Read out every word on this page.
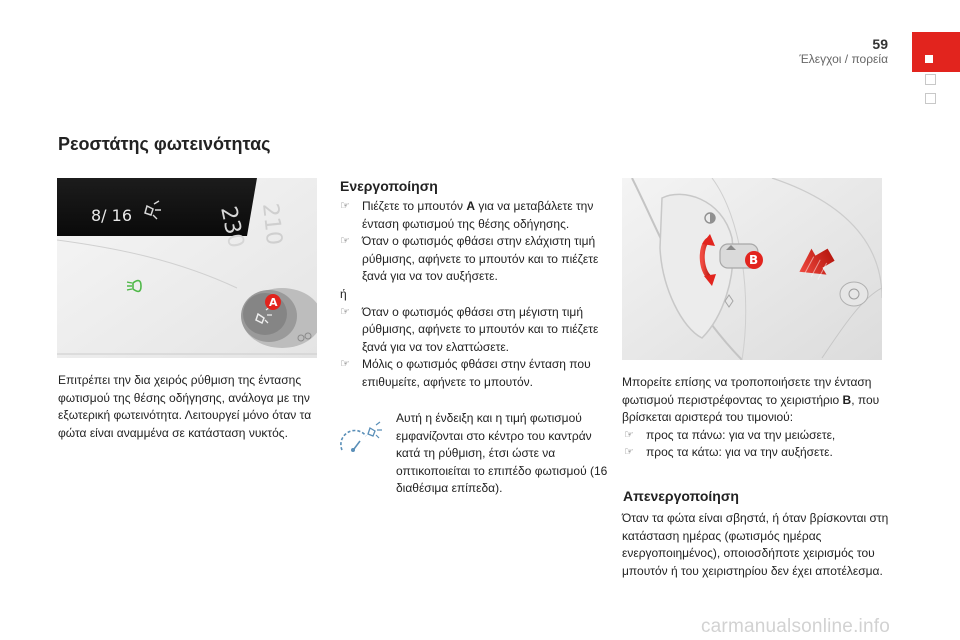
59
Έλεγχοι / πορεία
Ρεοστάτης φωτεινότητας
8/ 16	210
230
A
Επιτρέπει την δια χειρός ρύθμιση της έντασης φωτισμού της θέσης οδήγησης, ανάλογα με την εξωτερική φωτεινότητα. Λειτουργεί μόνο όταν τα φώτα είναι αναμμένα σε κατάσταση νυκτός.
Ενεργοποίηση
☞ Πιέζετε το μπουτόν A για να μεταβάλετε την ένταση φωτισμού της θέσης οδήγησης.
☞ Όταν ο φωτισμός φθάσει στην ελάχιστη τιμή ρύθμισης, αφήνετε το μπουτόν και το πιέζετε ξανά για να τον αυξήσετε.
ή
☞ Όταν ο φωτισμός φθάσει στη μέγιστη τιμή ρύθμισης, αφήνετε το μπουτόν και το πιέζετε ξανά για να τον ελαττώσετε.
☞ Μόλις ο φωτισμός φθάσει στην ένταση που επιθυμείτε, αφήνετε το μπουτόν.
Αυτή η ένδειξη και η τιμή φωτισμού εμφανίζονται στο κέντρο του καντράν κατά τη ρύθμιση, έτσι ώστε να οπτικοποιείται το επιπέδο φωτισμού (16 διαθέσιμα επίπεδα).
B
Μπορείτε επίσης να τροποποιήσετε την ένταση φωτισμού περιστρέφοντας το χειριστήριο B, που βρίσκεται αριστερά του τιμονιού:
☞ προς τα πάνω: για να την μειώσετε,
☞ προς τα κάτω: για να την αυξήσετε.
Απενεργοποίηση
Όταν τα φώτα είναι σβηστά, ή όταν βρίσκονται στη κατάσταση ημέρας (φωτισμός ημέρας ενεργοποιημένος), οποιοσδήποτε χειρισμός του μπουτόν ή του χειριστηρίου δεν έχει αποτέλεσμα.
carmanualsonline.info
